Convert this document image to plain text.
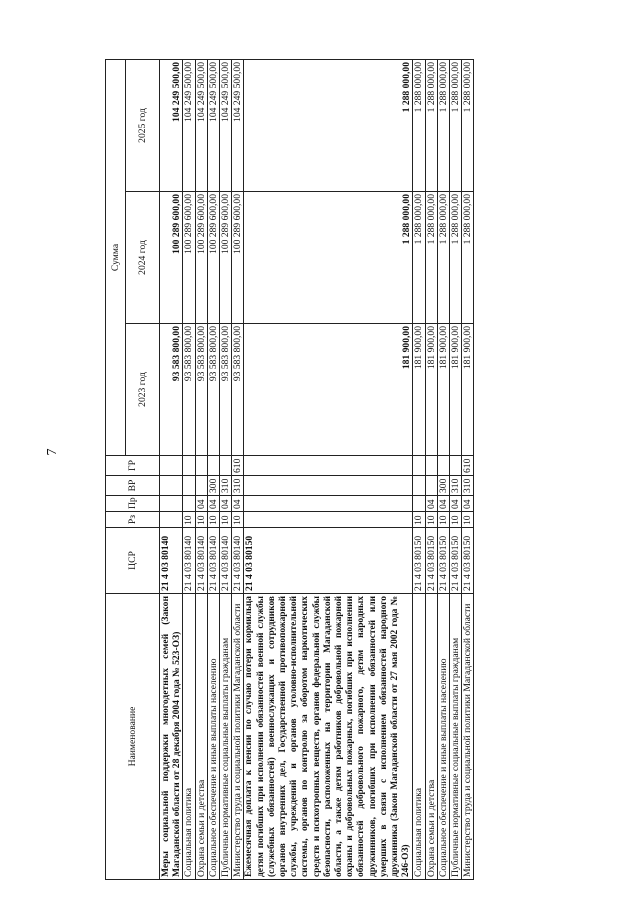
7
Наименование	ЦСР	Рз	Пр	ВР	ГР	Сумма		
						2023 год	2024 год	2025 год
Меры социальной поддержки многодетных семей (Закон Магаданской области от 28 декабря 2004 года № 523-ОЗ)	21 4 03 80140					93 583 800,00	100 289 600,00	104 249 500,00
Социальная политика	21 4 03 80140	10				93 583 800,00	100 289 600,00	104 249 500,00
Охрана семьи и детства	21 4 03 80140	10	04			93 583 800,00	100 289 600,00	104 249 500,00
Социальное обеспечение и иные выплаты населению	21 4 03 80140	10	04	300		93 583 800,00	100 289 600,00	104 249 500,00
Публичные нормативные социальные выплаты гражданам	21 4 03 80140	10	04	310		93 583 800,00	100 289 600,00	104 249 500,00
Министерство труда и социальной политики Магаданской области	21 4 03 80140	10	04	310	610	93 583 800,00	100 289 600,00	104 249 500,00
Ежемесячная доплата к пенсии по случаю потери кормильца детям погибших при исполнении обязанностей военной службы (служебных обязанностей) военнослужащих и сотрудников органов внутренних дел, Государственной противопожарной службы, учреждений и органов уголовно-исполнительной системы, органов по контролю за оборотом наркотических средств и психотропных веществ, органов федеральной службы безопасности, расположенных на территории Магаданской области, а также детям работников добровольной пожарной охраны и добровольных пожарных, погибших при исполнении обязанностей добровольного пожарного, детям народных дружинников, погибших при исполнении обязанностей или умерших в связи с исполнением обязанностей народного дружинника (Закон Магаданской области от 27 мая 2002 года № 246-ОЗ)	21 4 03 80150					181 900,00	1 288 000,00	1 288 000,00
Социальная политика	21 4 03 80150	10				181 900,00	1 288 000,00	1 288 000,00
Охрана семьи и детства	21 4 03 80150	10	04			181 900,00	1 288 000,00	1 288 000,00
Социальное обеспечение и иные выплаты населению	21 4 03 80150	10	04	300		181 900,00	1 288 000,00	1 288 000,00
Публичные нормативные социальные выплаты гражданам	21 4 03 80150	10	04	310		181 900,00	1 288 000,00	1 288 000,00
Министерство труда и социальной политики Магаданской области	21 4 03 80150	10	04	310	610	181 900,00	1 288 000,00	1 288 000,00
